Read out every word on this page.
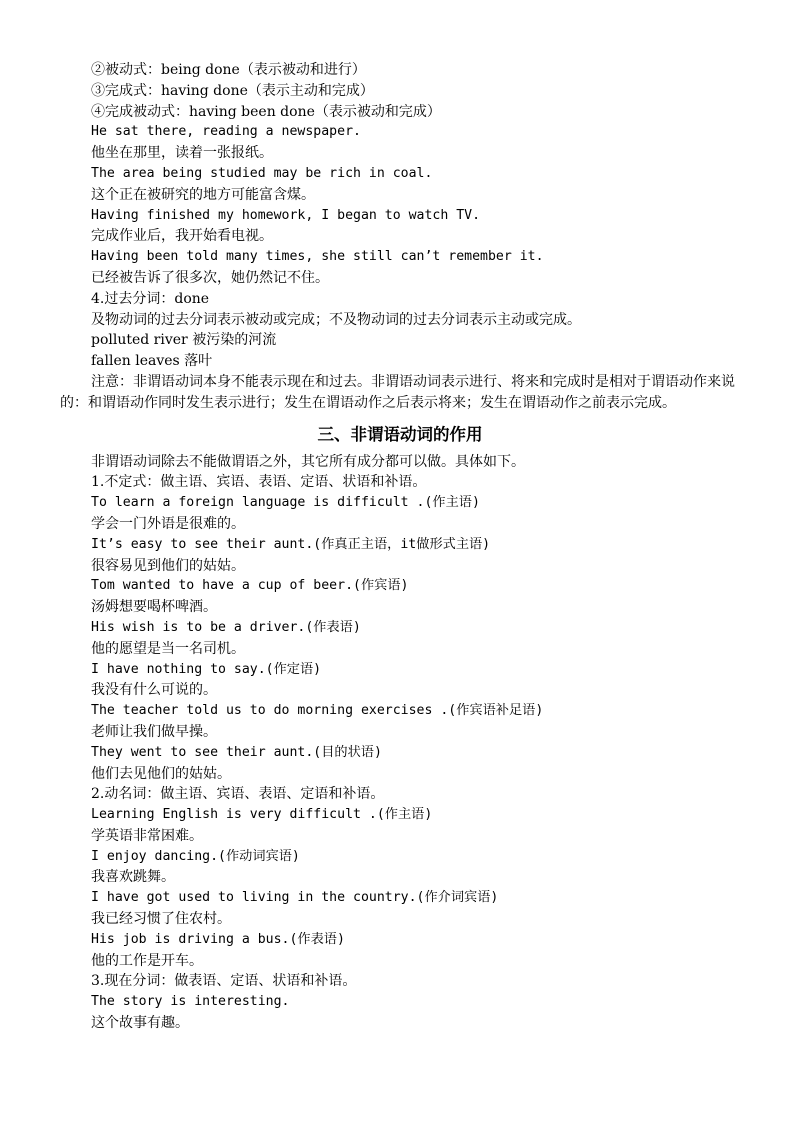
②被动式：being done（表示被动和进行）
③完成式：having done（表示主动和完成）
④完成被动式：having been done（表示被动和完成）
He sat there, reading a newspaper.
他坐在那里，读着一张报纸。
The area being studied may be rich in coal.
这个正在被研究的地方可能富含煤。
Having finished my homework, I began to watch TV.
完成作业后，我开始看电视。
Having been told many times, she still can’t remember it.
已经被告诉了很多次，她仍然记不住。
4.过去分词：done
及物动词的过去分词表示被动或完成；不及物动词的过去分词表示主动或完成。
polluted river 被污染的河流
fallen leaves 落叶
注意：非谓语动词本身不能表示现在和过去。非谓语动词表示进行、将来和完成时是相对于谓语动作来说的：和谓语动作同时发生表示进行；发生在谓语动作之后表示将来；发生在谓语动作之前表示完成。
三、非谓语动词的作用
非谓语动词除去不能做谓语之外，其它所有成分都可以做。具体如下。
1.不定式：做主语、宾语、表语、定语、状语和补语。
To learn a foreign language is difficult .(作主语)
学会一门外语是很难的。
It’s easy to see their aunt.(作真正主语，it做形式主语)
很容易见到他们的姑姑。
Tom wanted to have a cup of beer.(作宾语)
汤姆想要喝杯啤酒。
His wish is to be a driver.(作表语)
他的愿望是当一名司机。
I have nothing to say.(作定语)
我没有什么可说的。
The teacher told us to do morning exercises .(作宾语补足语)
老师让我们做早操。
They went to see their aunt.(目的状语)
他们去见他们的姑姑。
2.动名词：做主语、宾语、表语、定语和补语。
Learning English is very difficult .(作主语)
学英语非常困难。
I enjoy dancing.(作动词宾语)
我喜欢跳舞。
I have got used to living in the country.(作介词宾语)
我已经习惯了住农村。
His job is driving a bus.(作表语)
他的工作是开车。
3.现在分词：做表语、定语、状语和补语。
The story is interesting.
这个故事有趣。
